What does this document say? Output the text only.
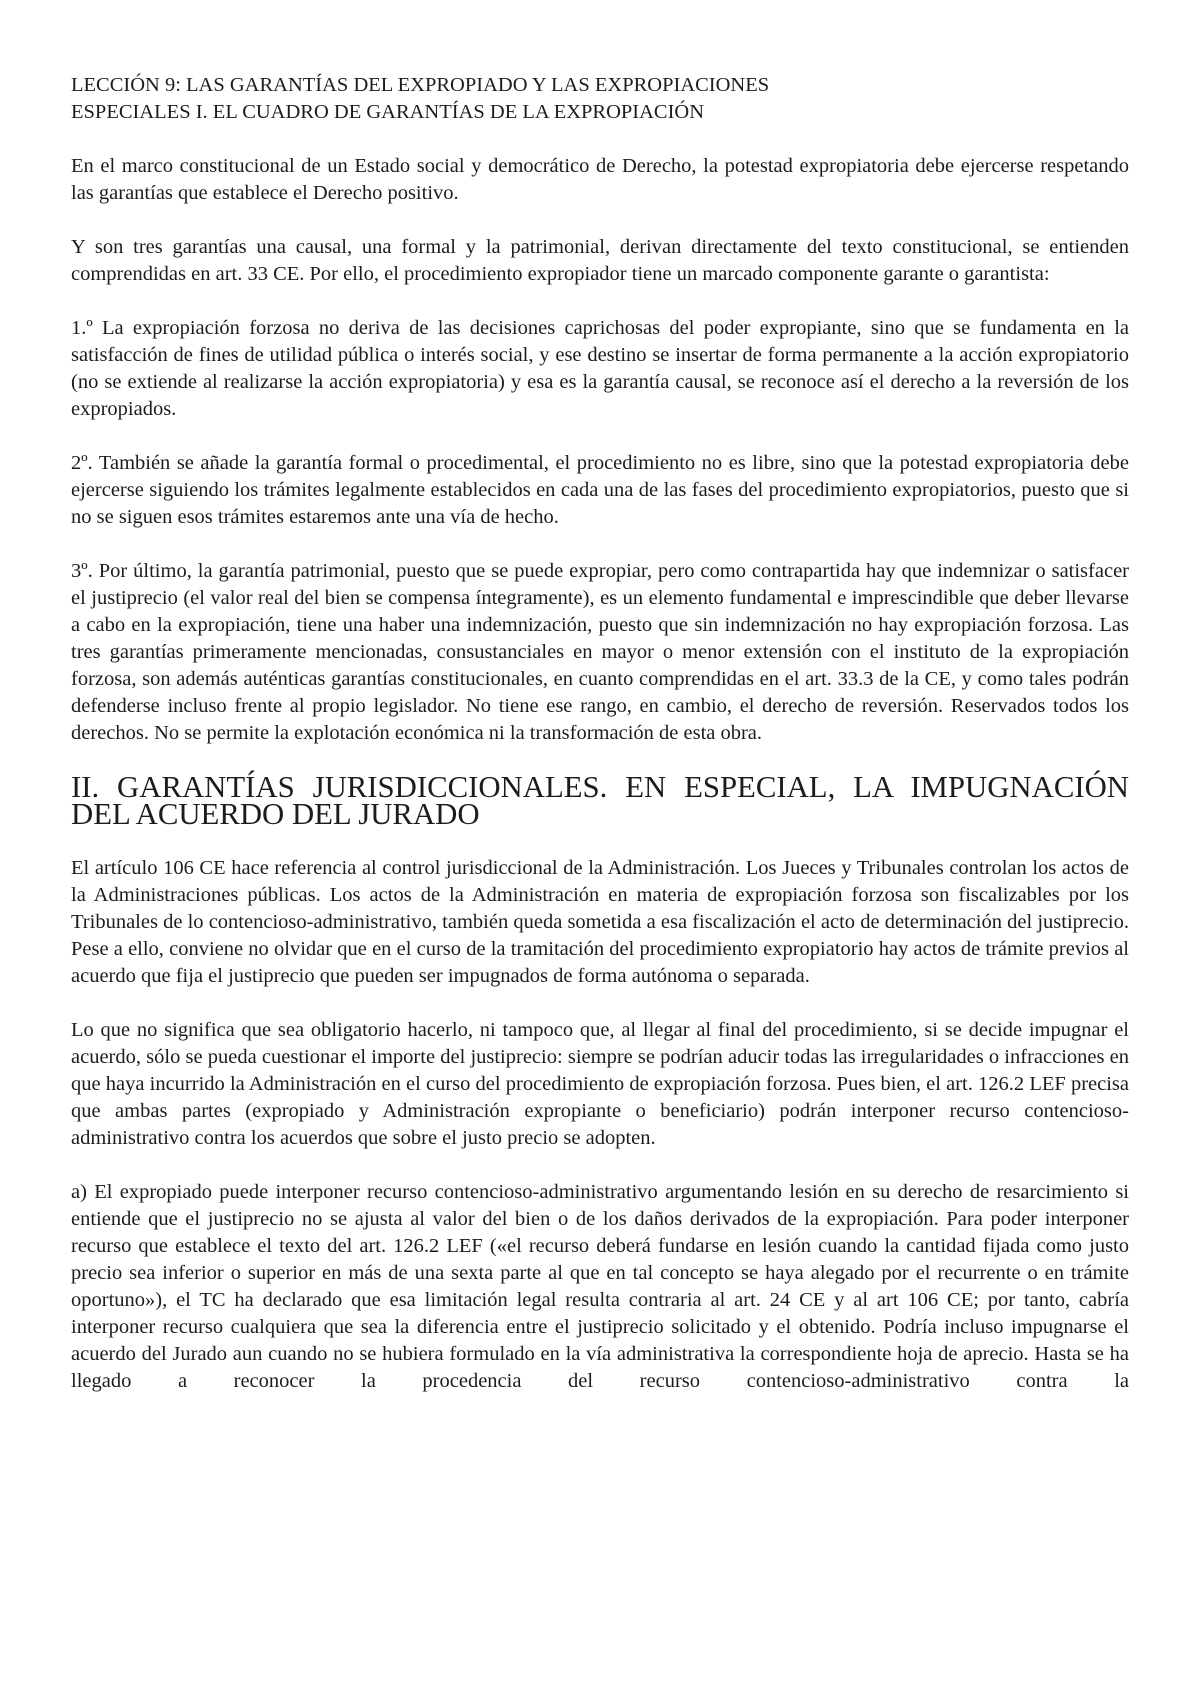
LECCIÓN 9: LAS GARANTÍAS DEL EXPROPIADO Y LAS EXPROPIACIONES
ESPECIALES I. EL CUADRO DE GARANTÍAS DE LA EXPROPIACIÓN

En el marco constitucional de un Estado social y democrático de Derecho, la potestad expropiatoria debe ejercerse respetando las garantías que establece el Derecho positivo.

Y son tres garantías una causal, una formal y la patrimonial, derivan directamente del texto constitucional, se entienden comprendidas en art. 33 CE. Por ello, el procedimiento expropiador tiene un marcado componente garante o garantista:

1.º La expropiación forzosa no deriva de las decisiones caprichosas del poder expropiante, sino que se fundamenta en la satisfacción de fines de utilidad pública o interés social, y ese destino se insertar de forma permanente a la acción expropiatorio (no se extiende al realizarse la acción expropiatoria) y esa es la garantía causal, se reconoce así el derecho a la reversión de los expropiados.

2º. También se añade la garantía formal o procedimental, el procedimiento no es libre, sino que la potestad expropiatoria debe ejercerse siguiendo los trámites legalmente establecidos en cada una de las fases del procedimiento expropiatorios, puesto que si no se siguen esos trámites estaremos ante una vía de hecho.

3º. Por último, la garantía patrimonial, puesto que se puede expropiar, pero como contrapartida hay que indemnizar o satisfacer el justiprecio (el valor real del bien se compensa íntegramente), es un elemento fundamental e imprescindible que deber llevarse a cabo en la expropiación, tiene una haber una indemnización, puesto que sin indemnización no hay expropiación forzosa. Las tres garantías primeramente mencionadas, consustanciales en mayor o menor extensión con el instituto de la expropiación forzosa, son además auténticas garantías constitucionales, en cuanto comprendidas en el art. 33.3 de la CE, y como tales podrán defenderse incluso frente al propio legislador. No tiene ese rango, en cambio, el derecho de reversión. Reservados todos los derechos. No se permite la explotación económica ni la transformación de esta obra.

II. GARANTÍAS JURISDICCIONALES. EN ESPECIAL, LA IMPUGNACIÓN DEL ACUERDO DEL JURADO

El artículo 106 CE hace referencia al control jurisdiccional de la Administración. Los Jueces y Tribunales controlan los actos de la Administraciones públicas. Los actos de la Administración en materia de expropiación forzosa son fiscalizables por los Tribunales de lo contencioso-administrativo, también queda sometida a esa fiscalización el acto de determinación del justiprecio. Pese a ello, conviene no olvidar que en el curso de la tramitación del procedimiento expropiatorio hay actos de trámite previos al acuerdo que fija el justiprecio que pueden ser impugnados de forma autónoma o separada.

Lo que no significa que sea obligatorio hacerlo, ni tampoco que, al llegar al final del procedimiento, si se decide impugnar el acuerdo, sólo se pueda cuestionar el importe del justiprecio: siempre se podrían aducir todas las irregularidades o infracciones en que haya incurrido la Administración en el curso del procedimiento de expropiación forzosa. Pues bien, el art. 126.2 LEF precisa que ambas partes (expropiado y Administración expropiante o beneficiario) podrán interponer recurso contencioso-administrativo contra los acuerdos que sobre el justo precio se adopten.

a) El expropiado puede interponer recurso contencioso-administrativo argumentando lesión en su derecho de resarcimiento si entiende que el justiprecio no se ajusta al valor del bien o de los daños derivados de la expropiación. Para poder interponer recurso que establece el texto del art. 126.2 LEF («el recurso deberá fundarse en lesión cuando la cantidad fijada como justo precio sea inferior o superior en más de una sexta parte al que en tal concepto se haya alegado por el recurrente o en trámite oportuno»), el TC ha declarado que esa limitación legal resulta contraria al art. 24 CE y al art 106 CE; por tanto, cabría interponer recurso cualquiera que sea la diferencia entre el justiprecio solicitado y el obtenido. Podría incluso impugnarse el acuerdo del Jurado aun cuando no se hubiera formulado en la vía administrativa la correspondiente hoja de aprecio. Hasta se ha llegado a reconocer la procedencia del recurso contencioso-administrativo contra la
